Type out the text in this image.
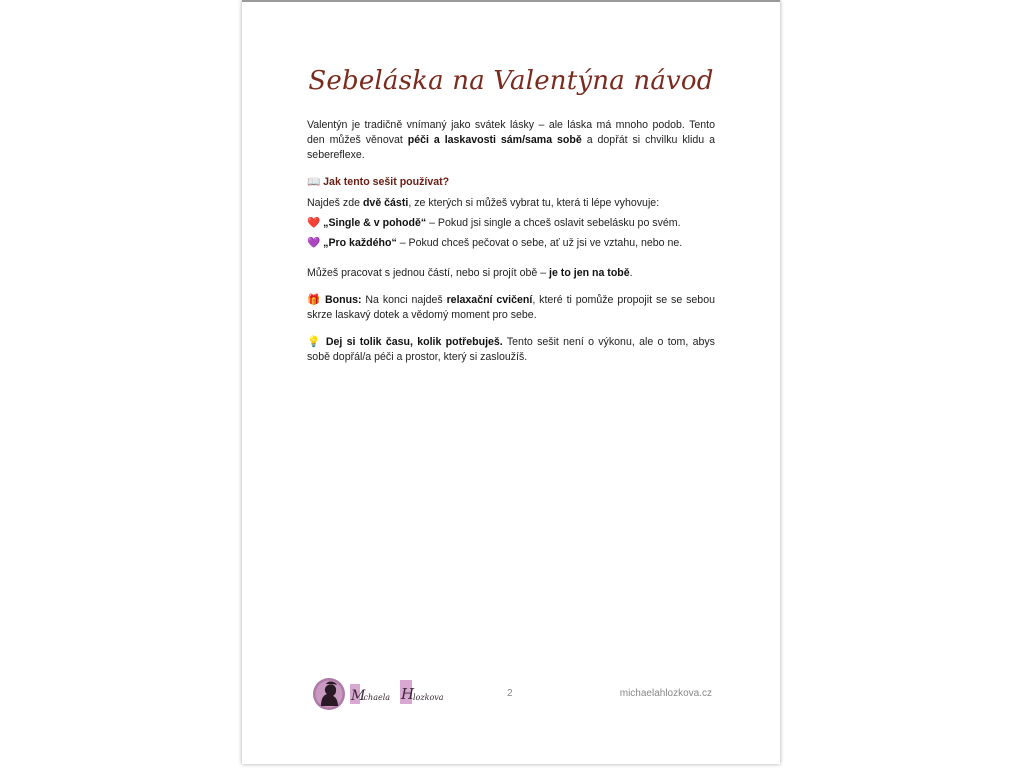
Sebeláska na Valentýna návod

Valentýn je tradičně vnímaný jako svátek lásky – ale láska má mnoho podob. Tento den můžeš věnovat péči a laskavosti sám/sama sobě a dopřát si chvilku klidu a sebereflexe.

📖 Jak tento sešit používat?

Najdeš zde dvě části, ze kterých si můžeš vybrat tu, která ti lépe vyhovuje:

❤️ „Single & v pohodě“ – Pokud jsi single a chceš oslavit sebelásku po svém.

💜 „Pro každého“ – Pokud chceš pečovat o sebe, ať už jsi ve vztahu, nebo ne.

Můžeš pracovat s jednou částí, nebo si projít obě – je to jen na tobě.

🎁 Bonus: Na konci najdeš relaxační cvičení, které ti pomůže propojit se se sebou skrze laskavý dotek a vědomý moment pro sebe.

💡 Dej si tolik času, kolik potřebuješ. Tento sešit není o výkonu, ale o tom, abys sobě dopřál/a péči a prostor, který si zasloužíš.

M
ichaela H
lozkova	2	michaelahlozkova.cz
